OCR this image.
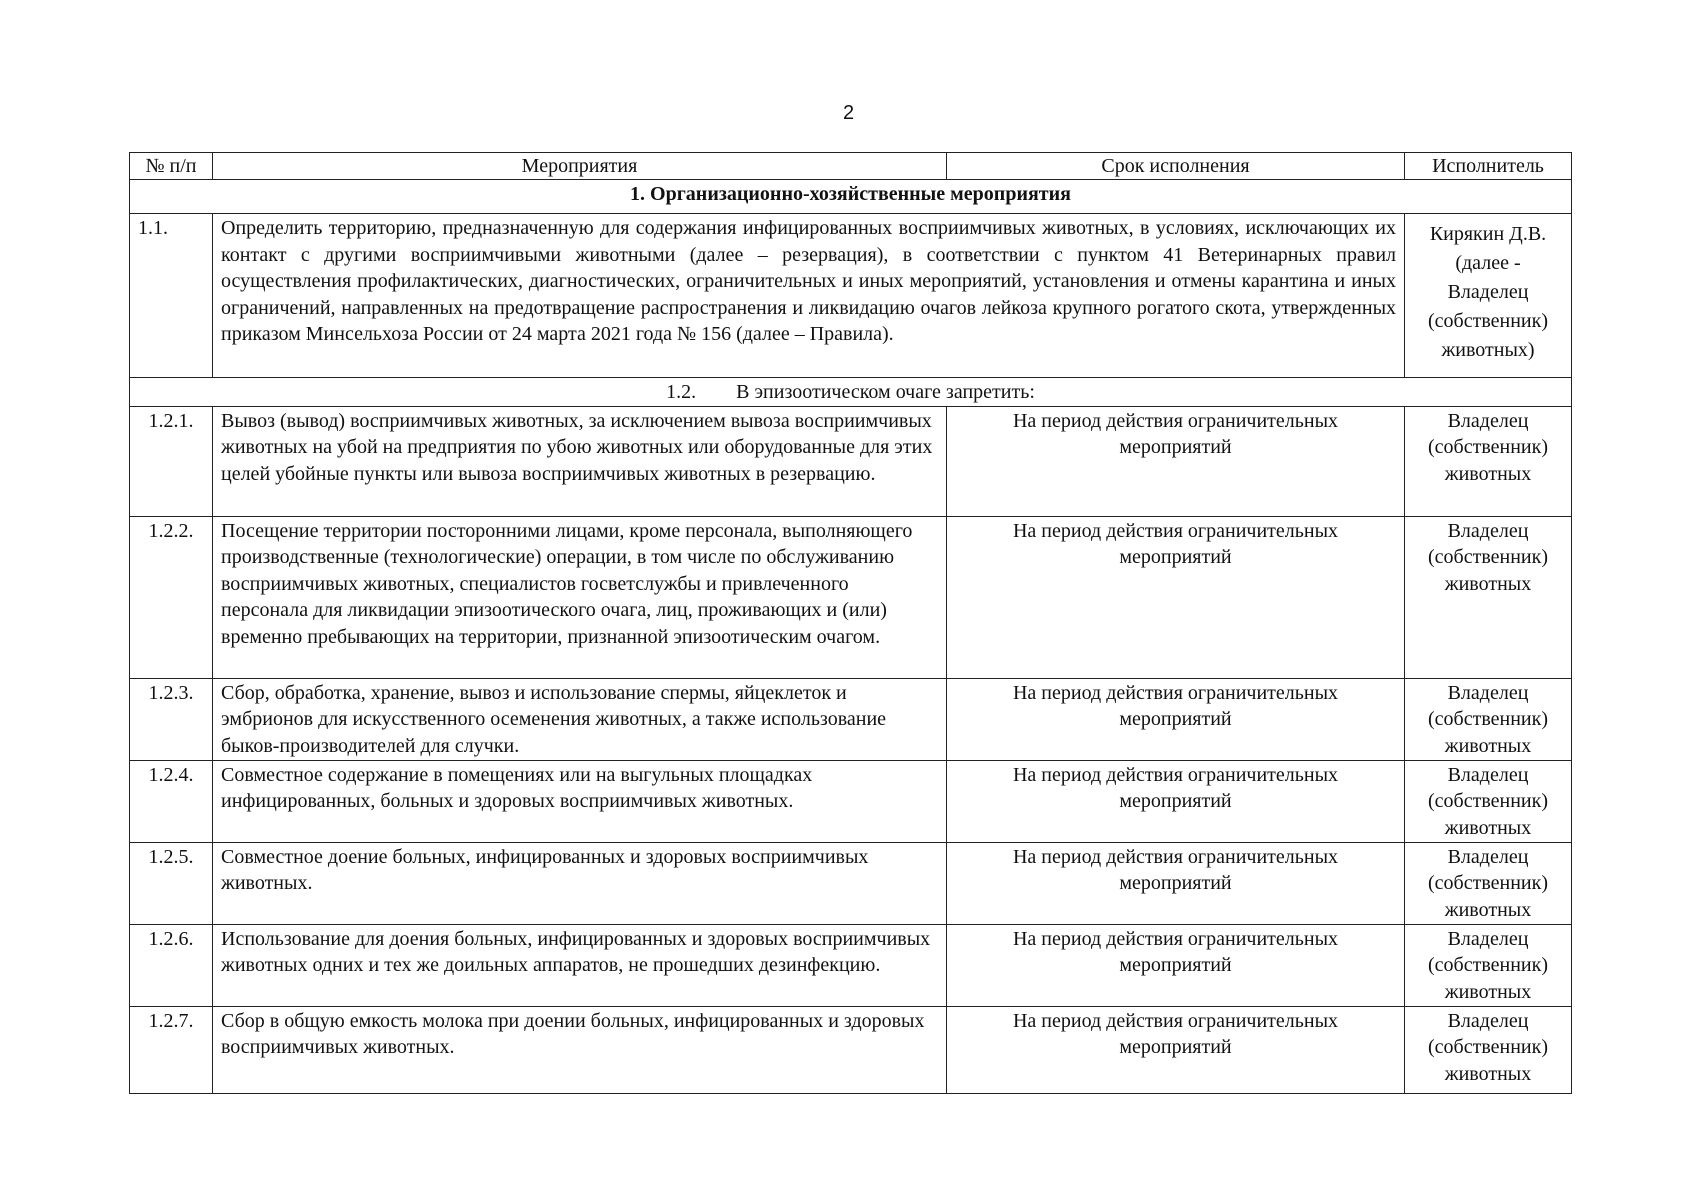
2
№ п/п	Мероприятия	Срок исполнения	Исполнитель
1. Организационно-хозяйственные мероприятия			
1.1.	Определить территорию, предназначенную для содержания инфицированных восприимчивых животных, в условиях, исключающих их контакт с другими восприимчивыми животными (далее – резервация), в соответствии с пунктом 41 Ветеринарных правил осуществления профилактических, диагностических, ограничительных и иных мероприятий, установления и отмены карантина и иных ограничений, направленных на предотвращение распространения и ликвидацию очагов лейкоза крупного рогатого скота, утвержденных приказом Минсельхоза России от 24 марта 2021 года № 156 (далее – Правила).		Кирякин Д.В. (далее - Владелец (собственник) животных)
1.2. В эпизоотическом очаге запретить:			
1.2.1.	Вывоз (вывод) восприимчивых животных, за исключением вывоза восприимчивых животных на убой на предприятия по убою животных или оборудованные для этих целей убойные пункты или вывоза восприимчивых животных в резервацию.	На период действия ограничительных мероприятий	Владелец (собственник) животных
1.2.2.	Посещение территории посторонними лицами, кроме персонала, выполняющего производственные (технологические) операции, в том числе по обслуживанию восприимчивых животных, специалистов госветслужбы и привлеченного персонала для ликвидации эпизоотического очага, лиц, проживающих и (или) временно пребывающих на территории, признанной эпизоотическим очагом.	На период действия ограничительных мероприятий	Владелец (собственник) животных
1.2.3.	Сбор, обработка, хранение, вывоз и использование спермы, яйцеклеток и эмбрионов для искусственного осеменения животных, а также использование быков-производителей для случки.	На период действия ограничительных мероприятий	Владелец (собственник) животных
1.2.4.	Совместное содержание в помещениях или на выгульных площадках инфицированных, больных и здоровых восприимчивых животных.	На период действия ограничительных мероприятий	Владелец (собственник) животных
1.2.5.	Совместное доение больных, инфицированных и здоровых восприимчивых животных.	На период действия ограничительных мероприятий	Владелец (собственник) животных
1.2.6.	Использование для доения больных, инфицированных и здоровых восприимчивых животных одних и тех же доильных аппаратов, не прошедших дезинфекцию.	На период действия ограничительных мероприятий	Владелец (собственник) животных
1.2.7.	Сбор в общую емкость молока при доении больных, инфицированных и здоровых восприимчивых животных.	На период действия ограничительных мероприятий	Владелец (собственник) животных
